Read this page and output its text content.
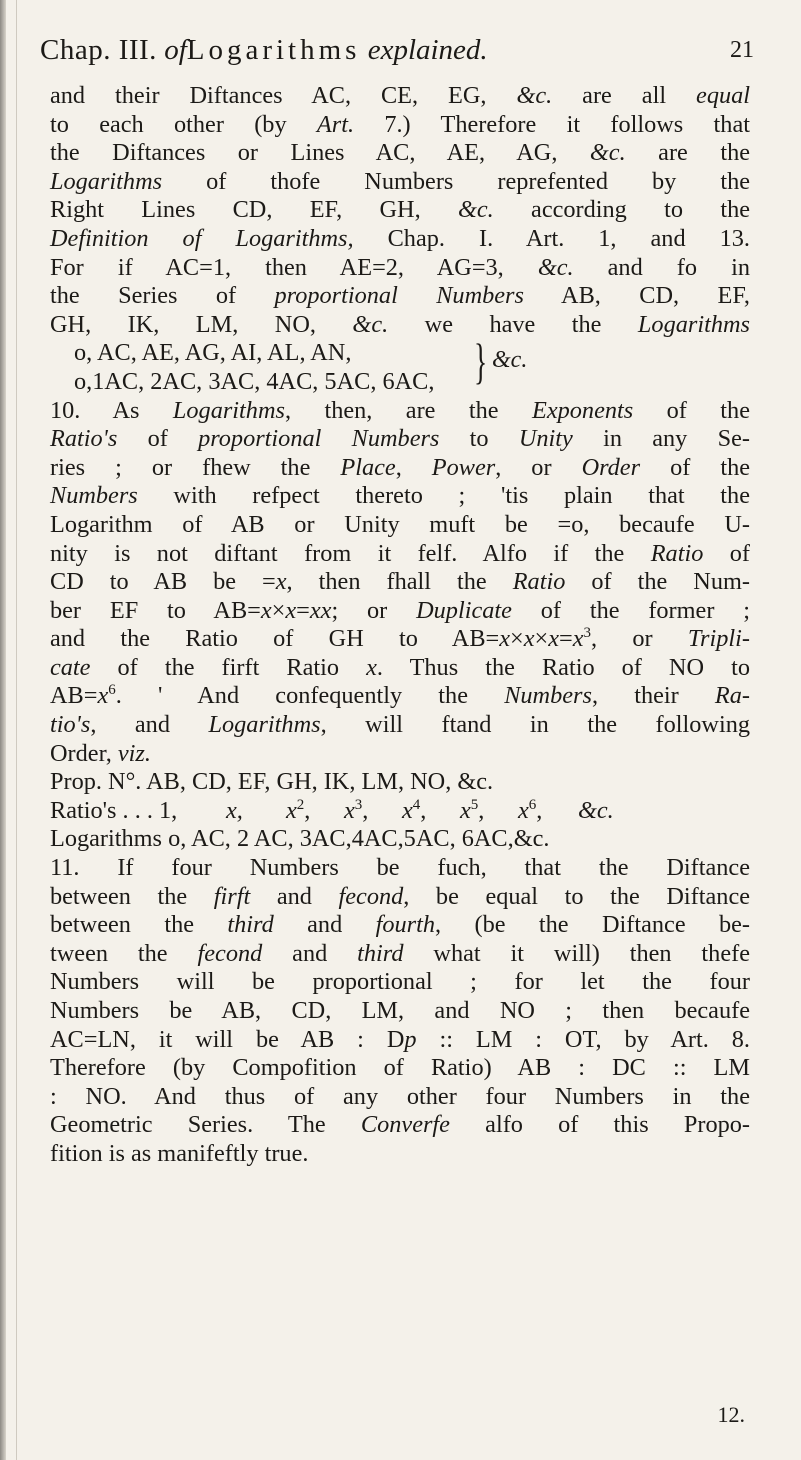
Chap. III. ofLogarithms explained.	21
and their Diftances AC, CE, EG, &c. are all equal
to each other (by Art. 7.) Therefore it follows that
the Diftances or Lines AC, AE, AG, &c. are the
Logarithms of thofe Numbers reprefented by the
Right Lines CD, EF, GH, &c. according to the
Definition of Logarithms, Chap. I. Art. 1, and 13.
For if AC=1, then AE=2, AG=3, &c. and fo in
the Series of proportional Numbers AB, CD, EF,
GH, IK, LM, NO, &c. we have the Logarithms
o, AC, AE, AG, AI, AL, AN,
o,1AC, 2AC, 3AC, 4AC, 5AC, 6AC, } &c.
10. As Logarithms, then, are the Exponents of the
Ratio's of proportional Numbers to Unity in any Se-
ries ; or fhew the Place, Power, or Order of the
Numbers with refpect thereto ; 'tis plain that the
Logarithm of AB or Unity muft be =o, becaufe U-
nity is not diftant from it felf. Alfo if the Ratio of
CD to AB be =x, then fhall the Ratio of the Num-
ber EF to AB=x×x=xx; or Duplicate of the former ;
and the Ratio of GH to $AB=x\times x\times x=x^3$, or Tripli-
cate of the firft Ratio x. Thus the Ratio of NO to
$AB=x^6$. ' And confequently the Numbers, their Ra-
tio's, and Logarithms, will ftand in the following
Order, viz.
Prop. N°. AB, CD, EF, GH, IK, LM, NO, &c.
Ratio's . . . 1, x, $x^2$, $x^3$, $x^4$, $x^5$, $x^6$, &c.
Logarithms o, AC, 2 AC, 3AC,4AC,5AC, 6AC,&c.
11. If four Numbers be fuch, that the Diftance
between the firft and fecond, be equal to the Diftance
between the third and fourth, (be the Diftance be-
tween the fecond and third what it will) then thefe
Numbers will be proportional ; for let the four
Numbers be AB, CD, LM, and NO ; then becaufe
AC=LN, it will be AB : Dp :: LM : OT, by Art. 8.
Therefore (by Compofition of Ratio) AB : DC :: LM
: NO. And thus of any other four Numbers in the
Geometric Series. The Converfe alfo of this Propo-
fition is as manifeftly true.
12.
